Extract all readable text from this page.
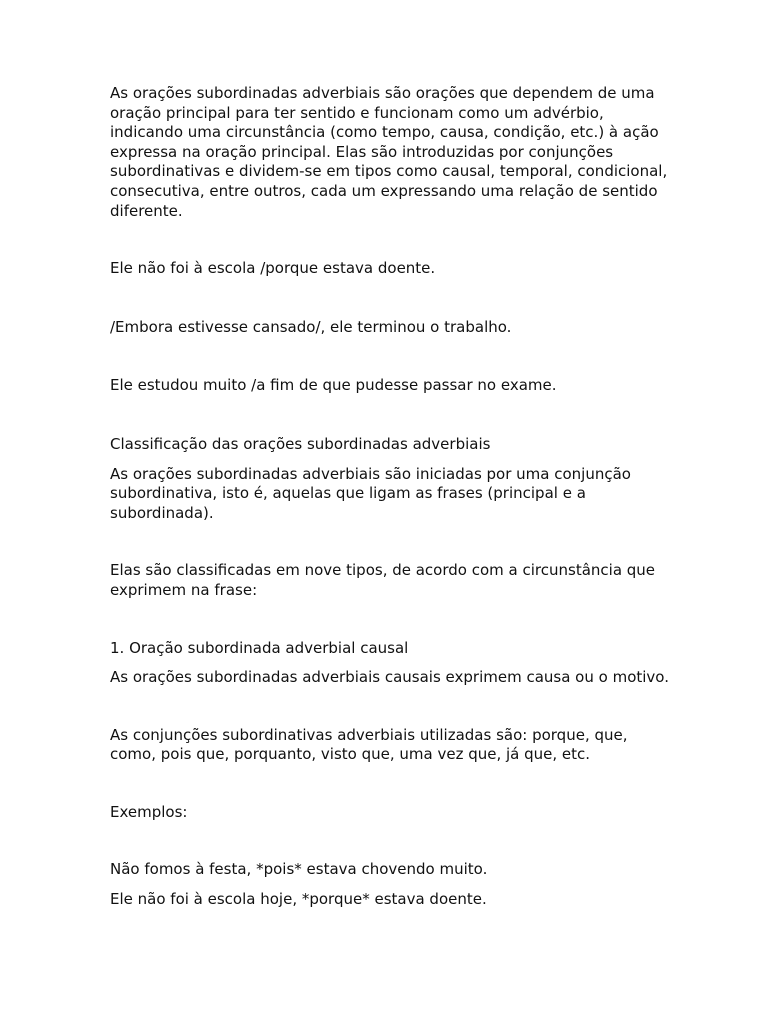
As orações subordinadas adverbiais são orações que dependem de uma oração principal para ter sentido e funcionam como um advérbio, indicando uma circunstância (como tempo, causa, condição, etc.) à ação expressa na oração principal. Elas são introduzidas por conjunções subordinativas e dividem-se em tipos como causal, temporal, condicional, consecutiva, entre outros, cada um expressando uma relação de sentido diferente.

Ele não foi à escola /porque estava doente.

/Embora estivesse cansado/, ele terminou o trabalho.

Ele estudou muito /a fim de que pudesse passar no exame.

Classificação das orações subordinadas adverbiais

As orações subordinadas adverbiais são iniciadas por uma conjunção subordinativa, isto é, aquelas que ligam as frases (principal e a subordinada).

Elas são classificadas em nove tipos, de acordo com a circunstância que exprimem na frase:

1. Oração subordinada adverbial causal

As orações subordinadas adverbiais causais exprimem causa ou o motivo.

As conjunções subordinativas adverbiais utilizadas são: porque, que, como, pois que, porquanto, visto que, uma vez que, já que, etc.

Exemplos:

Não fomos à festa, *pois* estava chovendo muito.

Ele não foi à escola hoje, *porque* estava doente.
